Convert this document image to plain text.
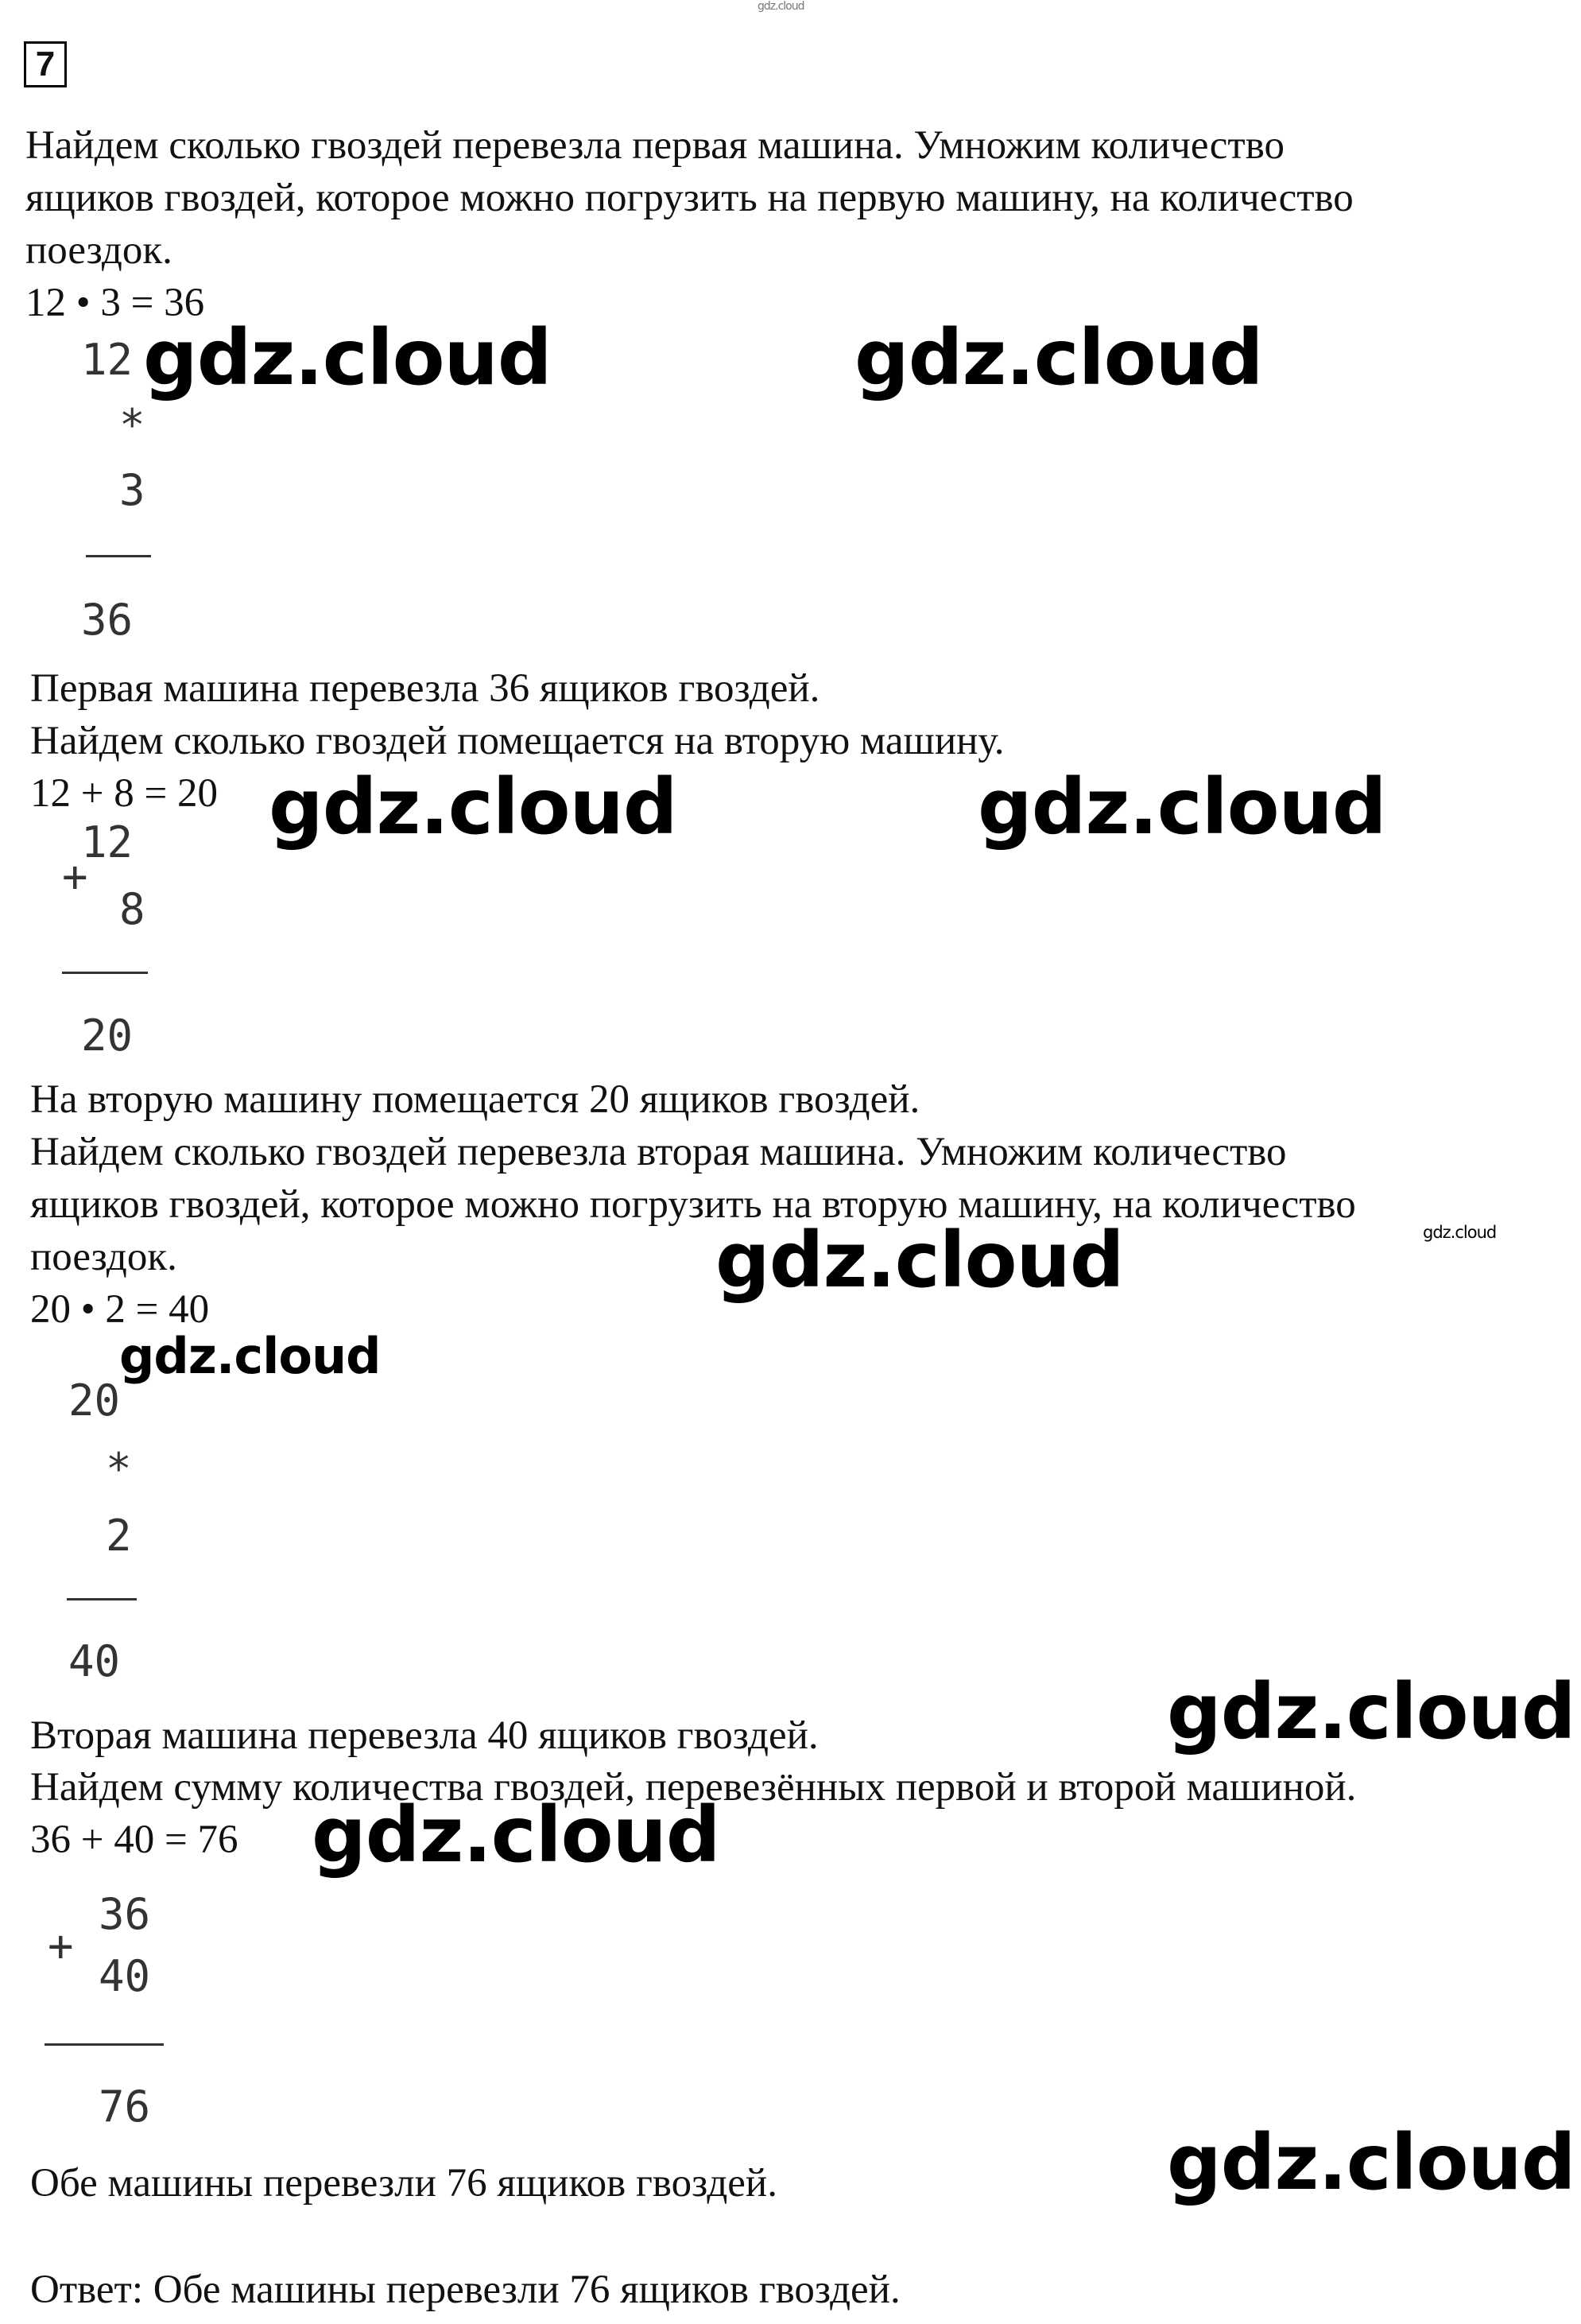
gdz.cloud
7
Найдем сколько гвоздей перевезла первая машина. Умножим количество
ящиков гвоздей, которое можно погрузить на первую машину, на количество
поездок.
12 • 3 = 36
12
*
3
36
Первая машина перевезла 36 ящиков гвоздей.
Найдем сколько гвоздей помещается на вторую машину.
12 + 8 = 20
12
+
8
20
На вторую машину помещается 20 ящиков гвоздей.
Найдем сколько гвоздей перевезла вторая машина. Умножим количество
ящиков гвоздей, которое можно погрузить на вторую машину, на количество
поездок.
20 • 2 = 40
20
*
2
40
Вторая машина перевезла 40 ящиков гвоздей.
Найдем сумму количества гвоздей, перевезённых первой и второй машиной.
36 + 40 = 76
36
+
40
76
Обе машины перевезли 76 ящиков гвоздей.
Ответ: Обе машины перевезли 76 ящиков гвоздей.
gdz.cloud	gdz.cloud
gdz.cloud	gdz.cloud
gdz.cloud	gdz.cloud
gdz.cloud
gdz.cloud
gdz.cloud
gdz.cloud
